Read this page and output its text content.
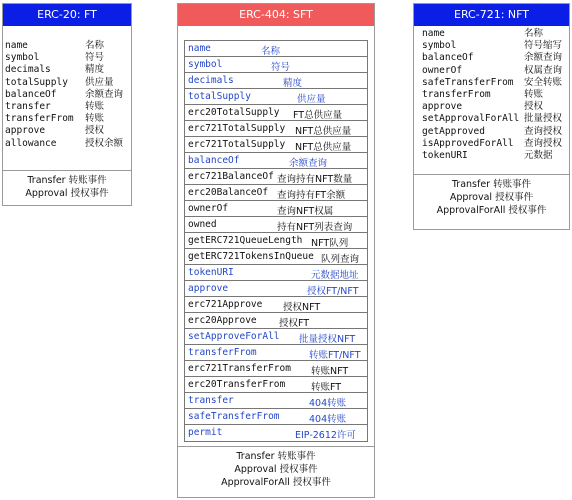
ERC-20: FT
name	名称
symbol	符号
decimals	精度
totalSupply 供应量
balanceOf	余额查询
transfer	转账
transferFrom 转账
approve	授权
allowance	授权余额
Transfer 转账事件
Approval 授权事件
ERC-404: SFT
name	名称
symbol	符号
decimals	精度
totalSupply	供应量
erc20TotalSupply FT总供应量
erc721TotalSupply NFT总供应量
erc721TotalSupply NFT总供应量
balanceOf	余额查询
erc721BalanceOf 查询持有NFT数量
erc20BalanceOf 查询持有FT余额
ownerOf	查询NFT权属
owned	持有NFT列表查询
getERC721QueueLength NFT队列
getERC721TokensInQueue 队列查询
tokenURI	元数据地址
approve	授权FT/NFT
erc721Approve 授权NFT
erc20Approve 授权FT
setApproveForAll 批量授权NFT
transferFrom	转账FT/NFT
erc721TransferFrom 转账NFT
erc20TransferFrom	转账FT
transfer	404转账
safeTransferFrom	404转账
permit	EIP-2612许可
Transfer 转账事件
Approval 授权事件
ApprovalForAll 授权事件
ERC-721: NFT
name	名称
symbol	符号缩写
balanceOf	余额查询
ownerOf	权属查询
safeTransferFrom 安全转账
transferFrom	转账
approve	授权
setApprovalForAll 批量授权
getApproved	查询授权
isApprovedForAll 查询授权
tokenURI	元数据
Transfer 转账事件
Approval 授权事件
ApprovalForAll 授权事件
